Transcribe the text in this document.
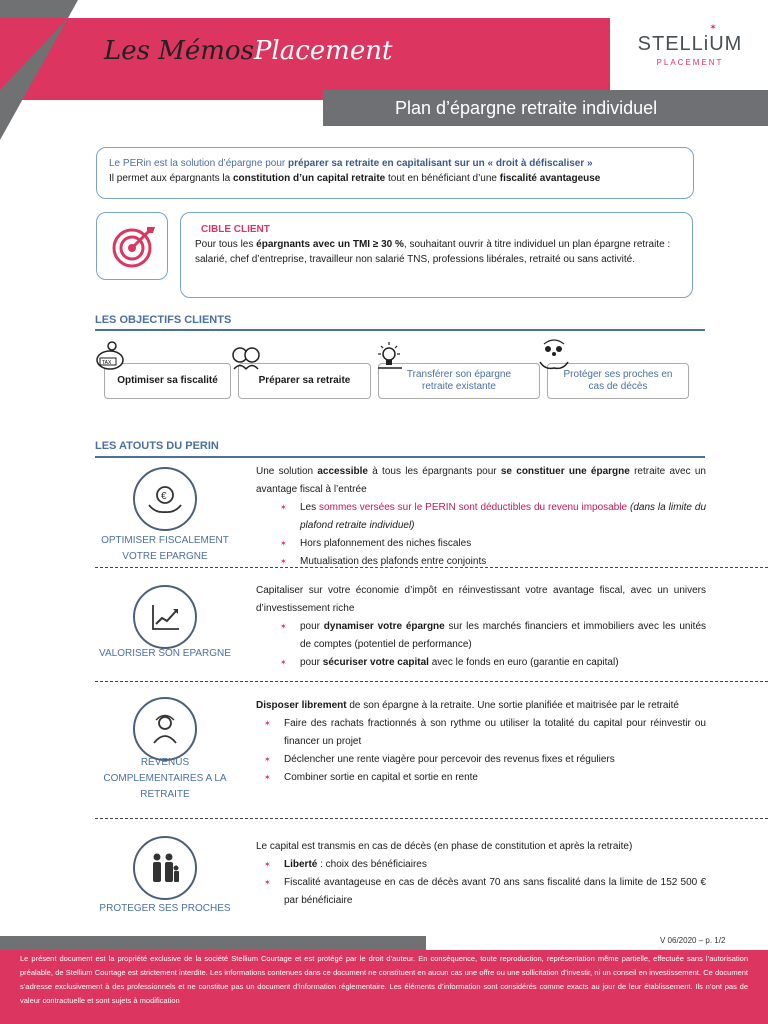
Les MémosPlacement
✶
STELLiUM
PLACEMENT
Plan d’épargne retraite individuel
Le PERin est la solution d’épargne pour préparer sa retraite en capitalisant sur un « droit à défiscaliser »
Il permet aux épargnants la constitution d’un capital retraite tout en bénéficiant d’une fiscalité avantageuse
CIBLE CLIENT
Pour tous les épargnants avec un TMI ≥ 30 %, souhaitant ouvrir à titre individuel un plan épargne retraite : salarié, chef d’entreprise, travailleur non salarié TNS, professions libérales, retraité ou sans activité.
LES OBJECTIFS CLIENTS
Optimiser sa fiscalité	Préparer sa retraite
Transférer son épargne retraite existante
Protéger ses proches en cas de décès
TAX
LES ATOUTS DU PERIN
€
OPTIMISER FISCALEMENT VOTRE EPARGNE
Une solution accessible à tous les épargnants pour se constituer une épargne retraite avec un avantage fiscal à l’entrée
✶ Les sommes versées sur le PERIN sont déductibles du revenu imposable (dans la limite du plafond retraite individuel)
✶ Hors plafonnement des niches fiscales
✶ Mutualisation des plafonds entre conjoints
VALORISER SON EPARGNE
Capitaliser sur votre économie d’impôt en réinvestissant votre avantage fiscal, avec un univers d’investissement riche
✶ pour dynamiser votre épargne sur les marchés financiers et immobiliers avec les unités de comptes (potentiel de performance)
✶ pour sécuriser votre capital avec le fonds en euro (garantie en capital)
REVENUS COMPLEMENTAIRES A LA RETRAITE
Disposer librement de son épargne à la retraite. Une sortie planifiée et maitrisée par le retraité
✶ Faire des rachats fractionnés à son rythme ou utiliser la totalité du capital pour réinvestir ou financer un projet
✶ Déclencher une rente viagère pour percevoir des revenus fixes et réguliers
✶ Combiner sortie en capital et sortie en rente
PROTEGER SES PROCHES
Le capital est transmis en cas de décès (en phase de constitution et après la retraite)
✶ Liberté : choix des bénéficiaires
✶ Fiscalité avantageuse en cas de décès avant 70 ans sans fiscalité dans la limite de 152 500 € par bénéficiaire
V 06/2020 – p. 1/2
Le présent document est la propriété exclusive de la société Stellium Courtage et est protégé par le droit d’auteur. En conséquence, toute reproduction, représentation même partielle, effectuée sans l’autorisation préalable, de Stellium Courtage est strictement interdite. Les informations contenues dans ce document ne constituent en aucun cas une offre ou une sollicitation d’investir, ni un conseil en investissement. Ce document s’adresse exclusivement à des professionnels et ne constitue pas un document d’information réglementaire. Les éléments d’information sont considérés comme exacts au jour de leur établissement. Ils n’ont pas de valeur contractuelle et sont sujets à modification
